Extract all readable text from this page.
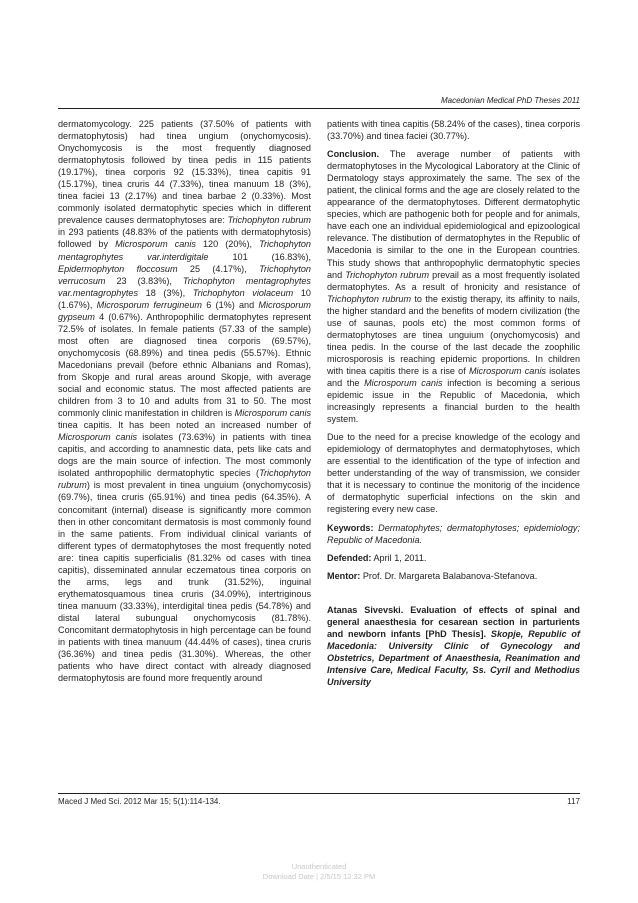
Macedonian Medical PhD Theses 2011

dermatomycology. 225 patients (37.50% of patients with dermatophytosis) had tinea ungium (onychomycosis). Onychomycosis is the most frequently diagnosed dermatophytosis followed by tinea pedis in 115 patients (19.17%), tinea corporis 92 (15.33%), tinea capitis 91 (15.17%), tinea cruris 44 (7.33%), tinea manuum 18 (3%), tinea faciei 13 (2.17%) and tinea barbae 2 (0.33%). Most commonly isolated dermatophytic species which in different prevalence causes dermatophytoses are: Trichophyton rubrum in 293 patients (48.83% of the patients with dermatophytosis) followed by Microsporum canis 120 (20%), Trichophyton mentagrophytes var.interdigitale 101 (16.83%), Epidermophyton floccosum 25 (4.17%), Trichophyton verrucosum 23 (3.83%), Trichophyton mentagrophytes var.mentagrophytes 18 (3%), Trichophyton violaceum 10 (1.67%), Microsporum ferrugineum 6 (1%) and Microsporum gypseum 4 (0.67%). Anthropophilic dermatophytes represent 72.5% of isolates. In female patients (57.33 of the sample) most often are diagnosed tinea corporis (69.57%), onychomycosis (68.89%) and tinea pedis (55.57%). Ethnic Macedonians prevail (before ethnic Albanians and Romas), from Skopje and rural areas around Skopje, with average social and economic status. The most affected patients are children from 3 to 10 and adults from 31 to 50. The most commonly clinic manifestation in children is Microsporum canis tinea capitis. It has been noted an increased number of Microsporum canis isolates (73.63%) in patients with tinea capitis, and according to anamnestic data, pets like cats and dogs are the main source of infection. The most commonly isolated anthropophilic dermatophytic species (Trichophyton rubrum) is most prevalent in tinea unguium (onychomycosis) (69.7%), tinea cruris (65.91%) and tinea pedis (64.35%). A concomitant (internal) disease is significantly more common then in other concomitant dermatosis is most commonly found in the same patients. From individual clinical variants of different types of dermatophytoses the most frequently noted are: tinea capitis superficialis (81.32% od cases with tinea capitis), disseminated annular eczematous tinea corporis on the arms, legs and trunk (31.52%), inguinal erythematosquamous tinea cruris (34.09%), intertriginous tinea manuum (33.33%), interdigital tinea pedis (54.78%) and distal lateral subungual onychomycosis (81.78%). Concomitant dermatophytosis in high percentage can be found in patients with tinea manuum (44.44% of cases), tinea cruris (36.36%) and tinea pedis (31.30%). Whereas, the other patients who have direct contact with already diagnosed dermatophytosis are found more frequently around

patients with tinea capitis (58.24% of the cases), tinea corporis (33.70%) and tinea faciei (30.77%).

Conclusion. The average number of patients with dermatophytoses in the Mycological Laboratory at the Clinic of Dermatology stays approximately the same. The sex of the patient, the clinical forms and the age are closely related to the appearance of the dermatophytoses. Different dermatophytic species, which are pathogenic both for people and for animals, have each one an individual epidemiological and epizoological relevance. The distibution of dermatophytes in the Republic of Macedonia is similar to the one in the European countries. This study shows that anthropophylic dermatophytic species and Trichophyton rubrum prevail as a most frequently isolated dermatophytes. As a result of hronicity and resistance of Trichophyton rubrum to the existig therapy, its affinity to nails, the higher standard and the benefits of modern civilization (the use of saunas, pools etc) the most common forms of dermatophytoses are tinea unguium (onychomycosis) and tinea pedis. In the course of the last decade the zoophilic microsporosis is reaching epidemic proportions. In children with tinea capitis there is a rise of Microsporum canis isolates and the Microsporum canis infection is becoming a serious epidemic issue in the Republic of Macedonia, which increasingly represents a financial burden to the health system.

Due to the need for a precise knowledge of the ecology and epidemiology of dermatophytes and dermatophytoses, which are essential to the identification of the type of infection and better understanding of the way of transmission, we consider that it is necessary to continue the monitorig of the incidence of dermatophytic superficial infections on the skin and registering every new case.

Keywords: Dermatophytes; dermatophytoses; epidemiology; Republic of Macedonia.

Defended: April 1, 2011.

Mentor: Prof. Dr. Margareta Balabanova-Stefanova.

Atanas Sivevski. Evaluation of effects of spinal and general anaesthesia for cesarean section in parturients and newborn infants [PhD Thesis]. Skopje, Republic of Macedonia: University Clinic of Gynecology and Obstetrics, Department of Anaesthesia, Reanimation and Intensive Care, Medical Faculty, Ss. Cyril and Methodius University

Maced J Med Sci. 2012 Mar 15; 5(1):114-134.	117
Unauthenticated
Download Date | 2/5/15 12:32 PM
